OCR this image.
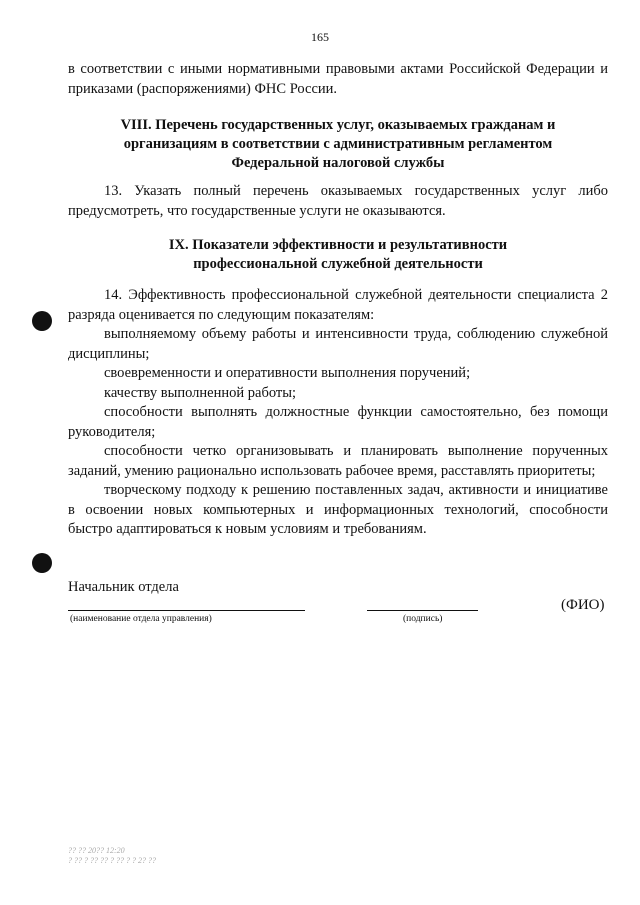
165

в соответствии с иными нормативными правовыми актами Российской Федерации и приказами (распоряжениями) ФНС России.

VIII. Перечень государственных услуг, оказываемых гражданам и
организациям в соответствии с административным регламентом
Федеральной налоговой службы

13. Указать полный перечень оказываемых государственных услуг либо предусмотреть, что государственные услуги не оказываются.

IX. Показатели эффективности и результативности
профессиональной служебной деятельности

14. Эффективность профессиональной служебной деятельности специалиста 2 разряда оценивается по следующим показателям:

выполняемому объему работы и интенсивности труда, соблюдению служебной дисциплины;

своевременности и оперативности выполнения поручений;

качеству выполненной работы;

способности выполнять должностные функции самостоятельно, без помощи руководителя;

способности четко организовывать и планировать выполнение порученных заданий, умению рационально использовать рабочее время, расставлять приоритеты;

творческому подходу к решению поставленных задач, активности и инициативе в освоении новых компьютерных и информационных технологий, способности быстро адаптироваться к новым условиям и требованиям.

Начальник отдела
(ФИО)
(наименование отдела управления)	(подпись)
?? ?? 20?? 12:20
? ?? ? ?? ?? ? ?? ? ? 2? ??
